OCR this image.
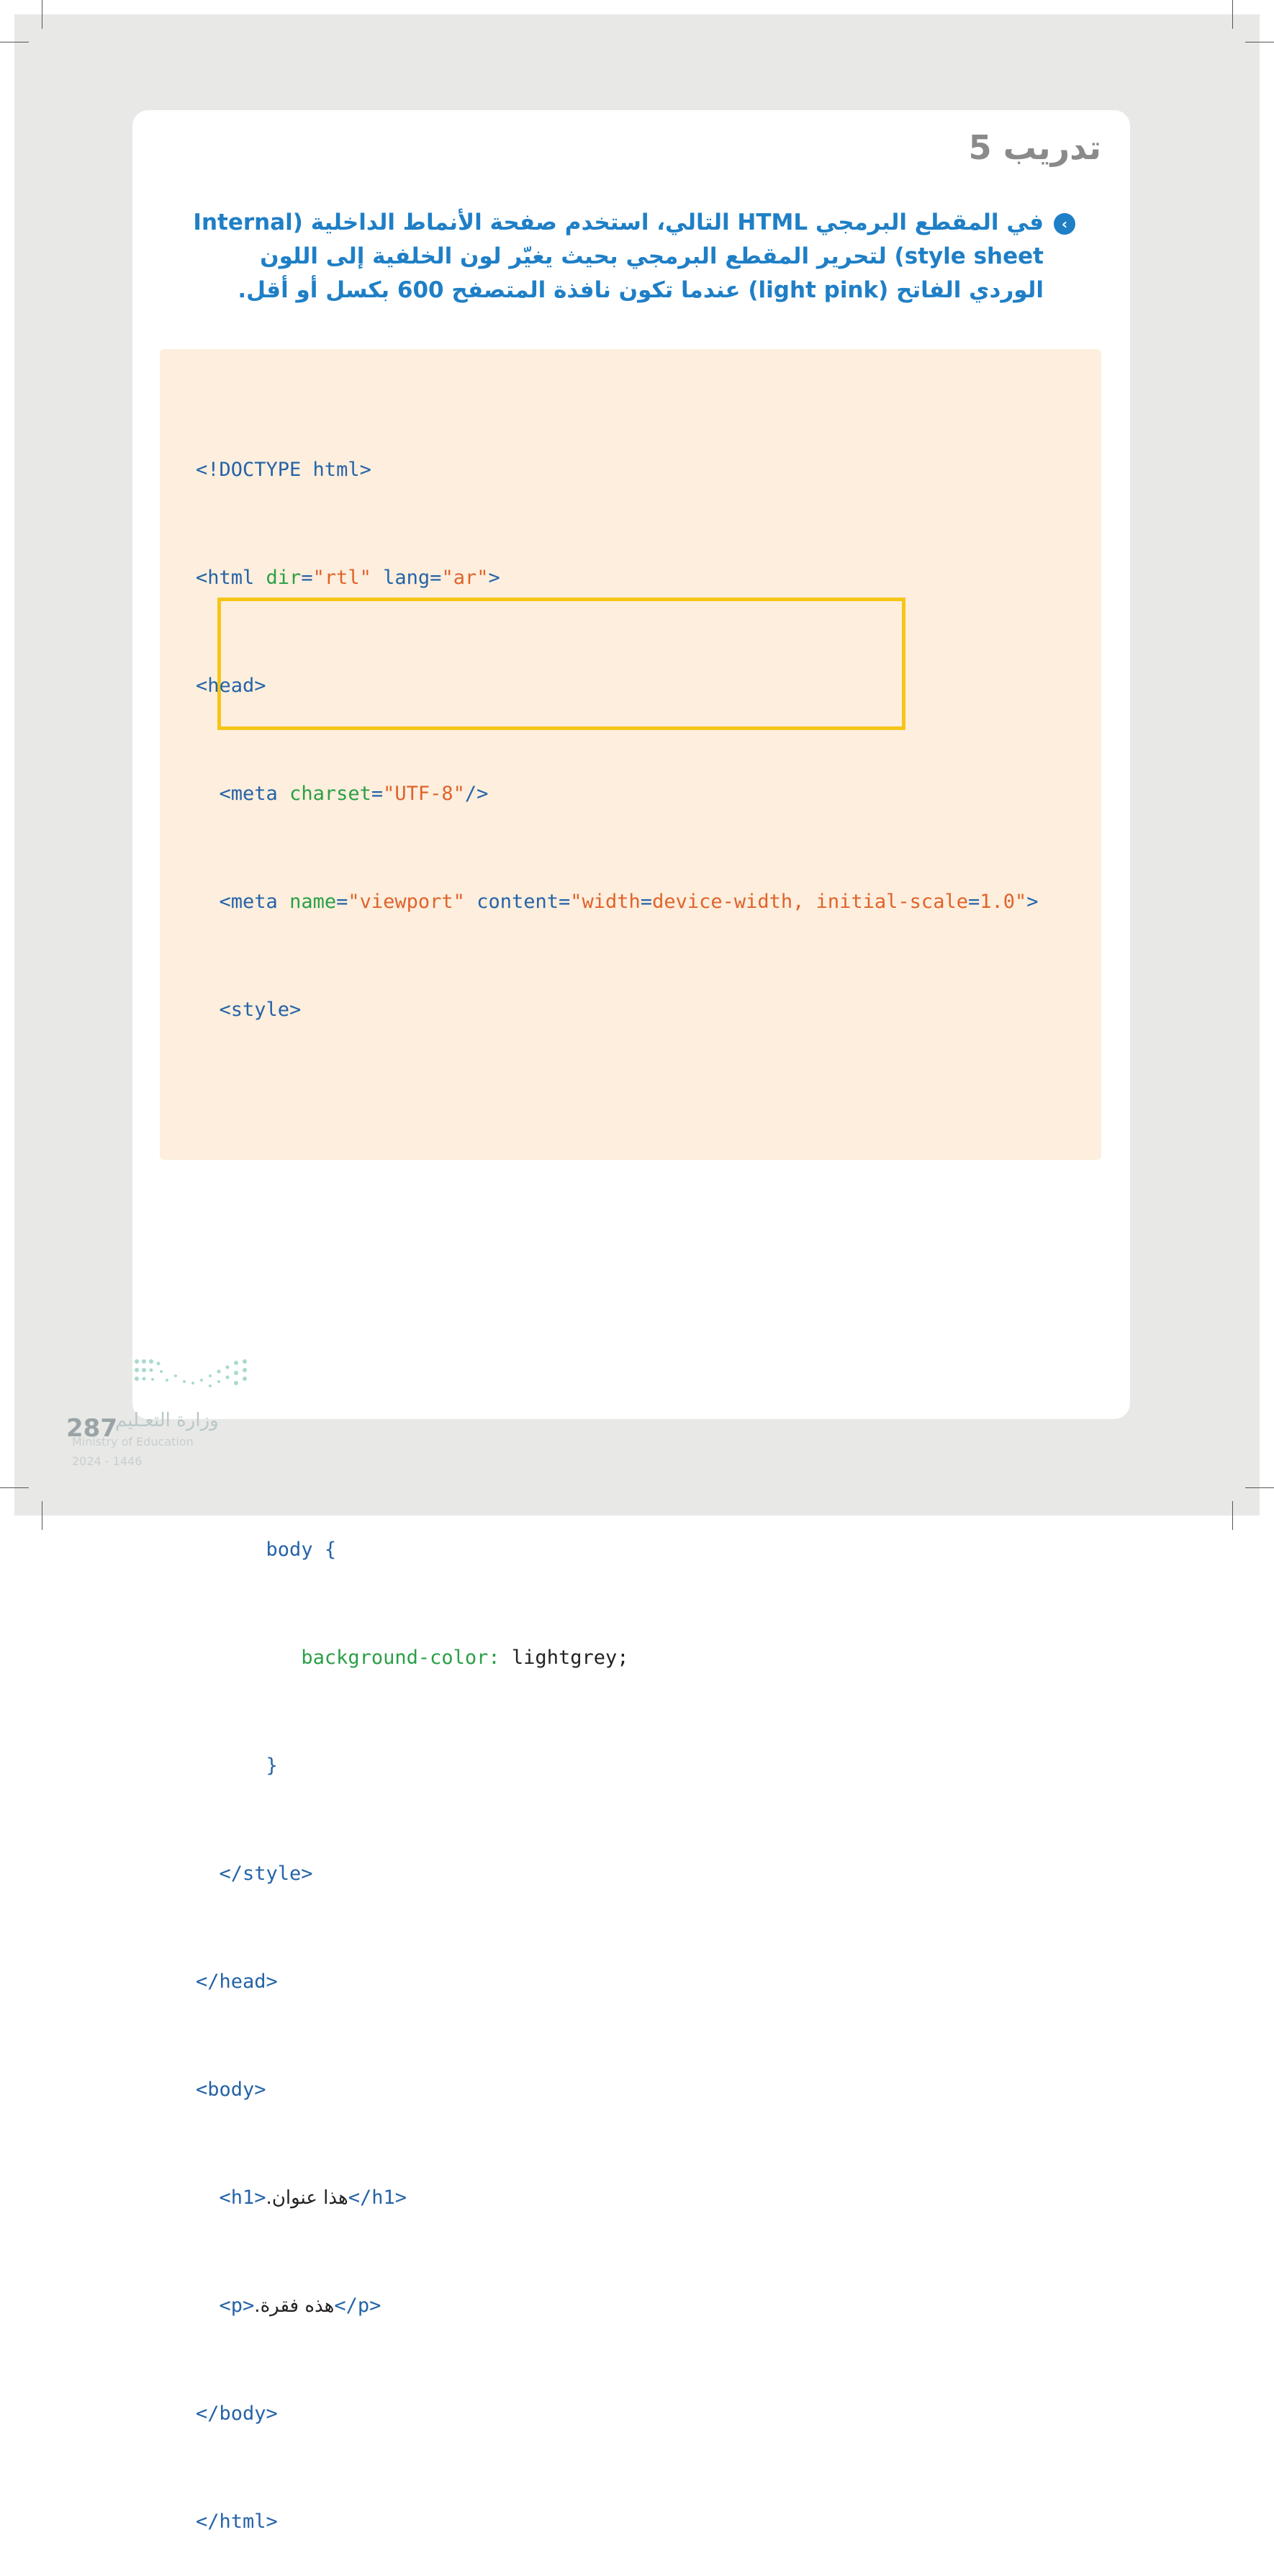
تدريب 5
‹

في المقطع البرمجي HTML التالي، استخدم صفحة الأنماط الداخلية (Internal style sheet) لتحرير المقطع البرمجي بحيث يغيّر لون الخلفية إلى اللون الوردي الفاتح (light pink) عندما تكون نافذة المتصفح 600 بكسل أو أقل.

<!DOCTYPE html>

<html dir="rtl" lang="ar">

<head>

<meta charset="UTF-8"/>

<meta name="viewport" content="width=device-width, initial-scale=1.0">

<style>

body {

background-color: lightgrey;

}

</style>

</head>

<body>

<h1>.هذا عنوان</h1>

<p>.هذه فقرة</p>

</body>

</html>

287
وزارة التعـليم
Ministry of Education
2024 - 1446
